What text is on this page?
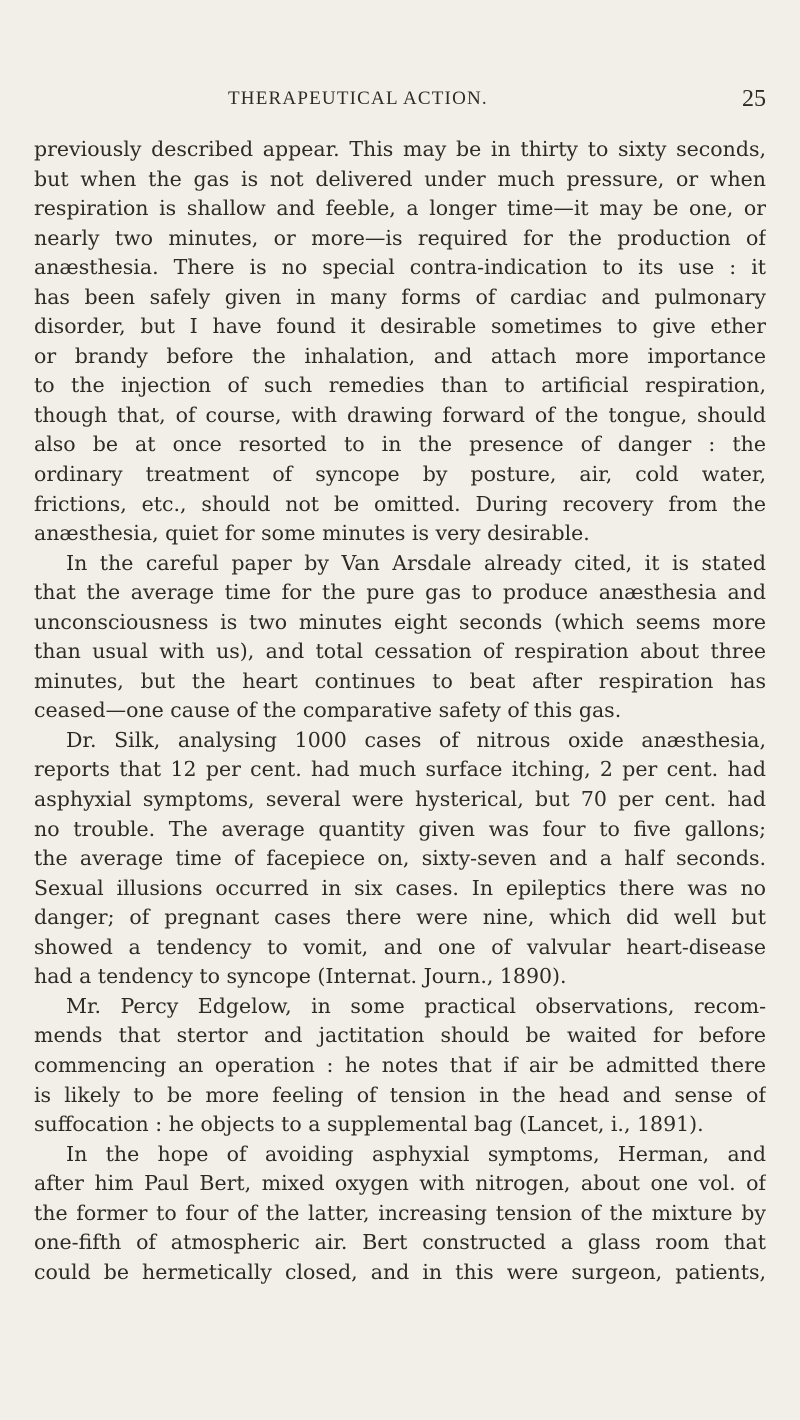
THERAPEUTICAL ACTION.	25
previously described appear. This may be in thirty to sixty seconds,
but when the gas is not delivered under much pressure, or when
respiration is shallow and feeble, a longer time—it may be one, or
nearly two minutes, or more—is required for the production of
anæsthesia. There is no special contra-indication to its use : it
has been safely given in many forms of cardiac and pulmonary
disorder, but I have found it desirable sometimes to give ether
or brandy before the inhalation, and attach more importance
to the injection of such remedies than to artificial respiration,
though that, of course, with drawing forward of the tongue, should
also be at once resorted to in the presence of danger : the
ordinary treatment of syncope by posture, air, cold water,
frictions, etc., should not be omitted. During recovery from the
anæsthesia, quiet for some minutes is very desirable.
In the careful paper by Van Arsdale already cited, it is stated
that the average time for the pure gas to produce anæsthesia and
unconsciousness is two minutes eight seconds (which seems more
than usual with us), and total cessation of respiration about three
minutes, but the heart continues to beat after respiration has
ceased—one cause of the comparative safety of this gas.
Dr. Silk, analysing 1000 cases of nitrous oxide anæsthesia,
reports that 12 per cent. had much surface itching, 2 per cent. had
asphyxial symptoms, several were hysterical, but 70 per cent. had
no trouble. The average quantity given was four to five gallons;
the average time of facepiece on, sixty-seven and a half seconds.
Sexual illusions occurred in six cases. In epileptics there was no
danger; of pregnant cases there were nine, which did well but
showed a tendency to vomit, and one of valvular heart-disease
had a tendency to syncope (Internat. Journ., 1890).
Mr. Percy Edgelow, in some practical observations, recom-
mends that stertor and jactitation should be waited for before
commencing an operation : he notes that if air be admitted there
is likely to be more feeling of tension in the head and sense of
suffocation : he objects to a supplemental bag (Lancet, i., 1891).
In the hope of avoiding asphyxial symptoms, Herman, and
after him Paul Bert, mixed oxygen with nitrogen, about one vol. of
the former to four of the latter, increasing tension of the mixture by
one-fifth of atmospheric air. Bert constructed a glass room that
could be hermetically closed, and in this were surgeon, patients,
